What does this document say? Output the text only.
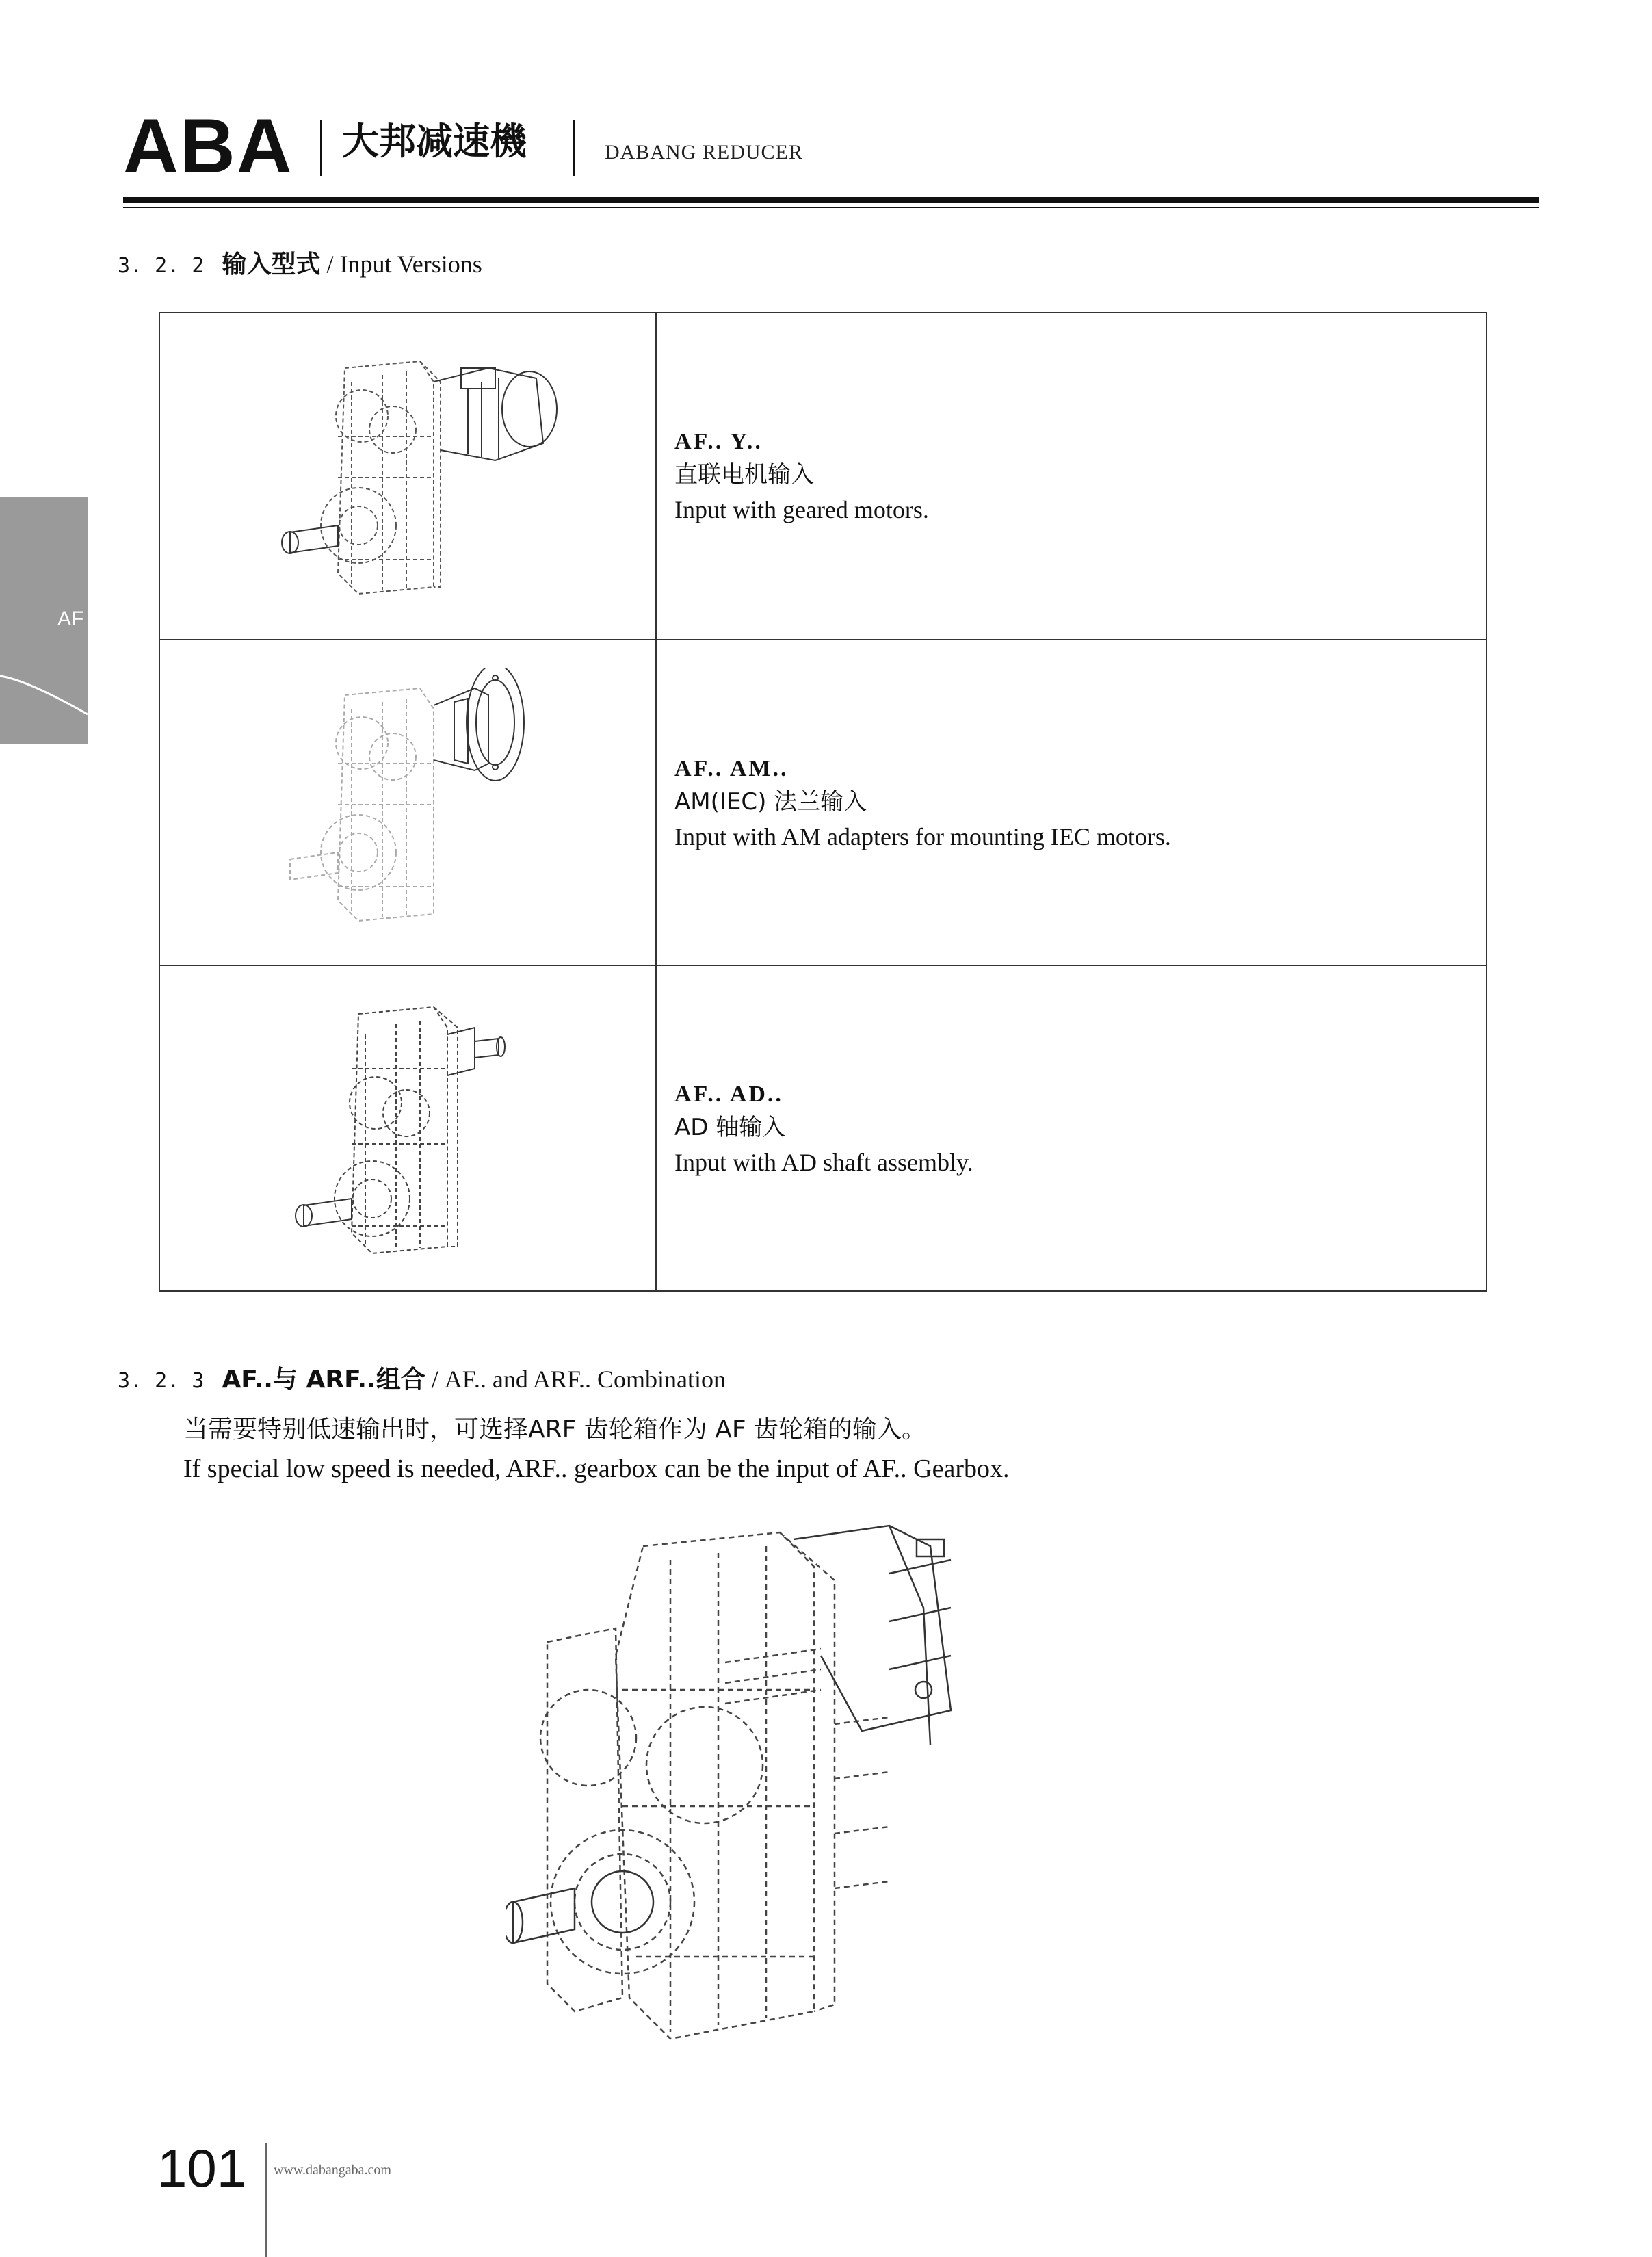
ABA 大邦减速機	DABANG REDUCER
AF
3. 2. 2 输入型式 / Input Versions
AF.. Y..
直联电机输入
Input with geared motors.
AF.. AM..
AM(IEC) 法兰输入
Input with AM adapters for mounting IEC motors.
AF.. AD..
AD 轴输入
Input with AD shaft assembly.
3. 2. 3 AF..与 ARF..组合 / AF.. and ARF.. Combination
当需要特别低速输出时，可选择ARF 齿轮箱作为 AF 齿轮箱的输入。
If special low speed is needed, ARF.. gearbox can be the input of AF.. Gearbox.
101 www.dabangaba.com
